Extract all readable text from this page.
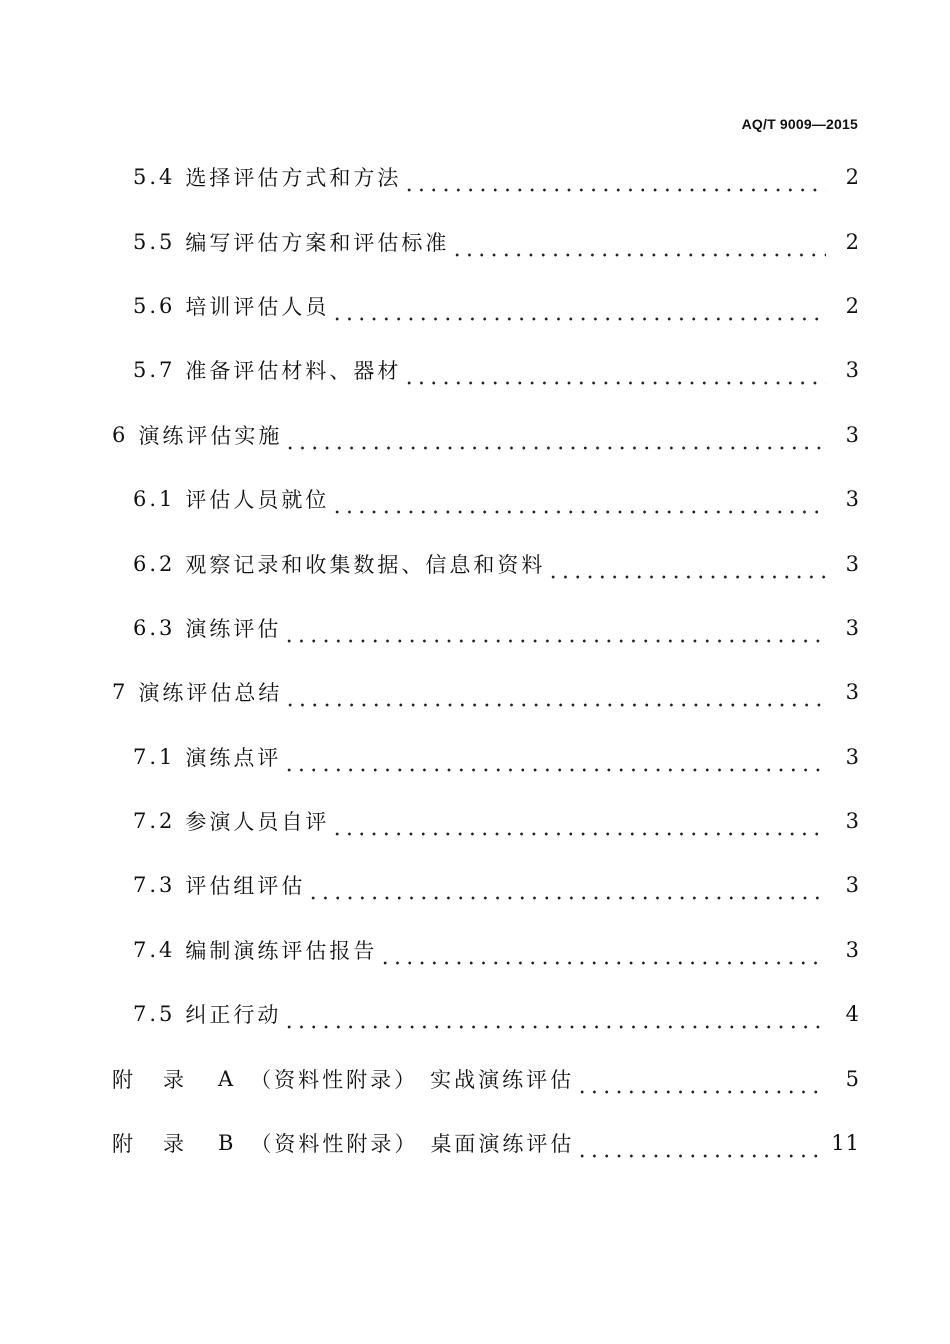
AQ/T 9009—2015
5.4 选择评估方式和方法	2
5.5 编写评估方案和评估标准	2
5.6 培训评估人员	2
5.7 准备评估材料、器材	3
6 演练评估实施	3
6.1 评估人员就位	3
6.2 观察记录和收集数据、信息和资料	3
6.3 演练评估	3
7 演练评估总结	3
7.1 演练点评	3
7.2 参演人员自评	3
7.3 评估组评估	3
7.4 编制演练评估报告	3
7.5 纠正行动	4
附录 A （资料性附录） 实战演练评估	5
附录 B （资料性附录） 桌面演练评估	11
